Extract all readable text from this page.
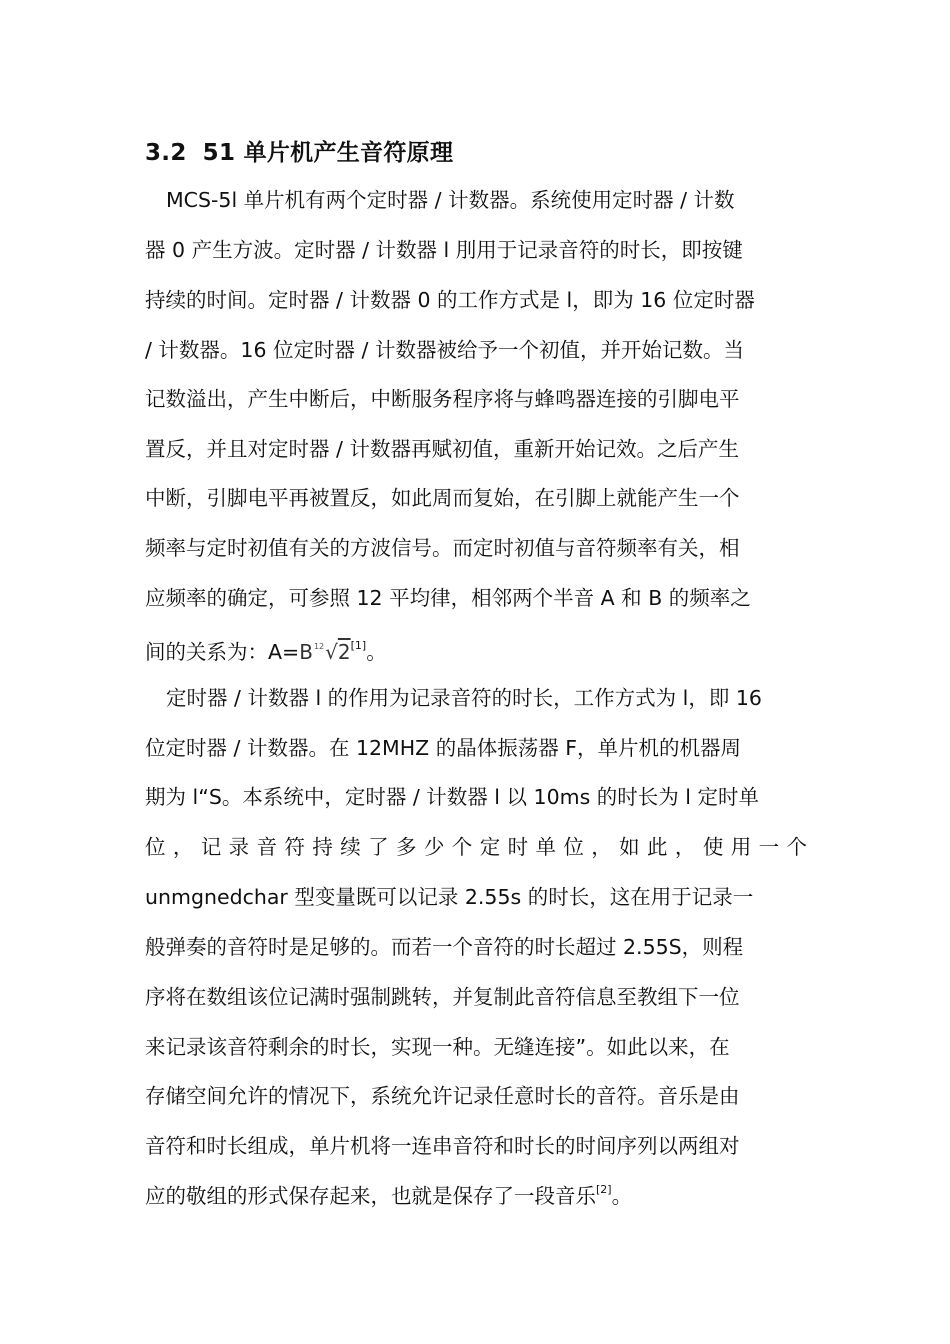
3.2 51 单片机产生音符原理

MCS-5l 单片机有两个定时器 / 计数器。系统使用定时器 / 计数

器 0 产生方波。定时器 / 计数器 l 刖用于记录音符的时长，即按键

持续的时间。定时器 / 计数器 0 的工作方式是 l，即为 16 位定时器

/ 计数器。16 位定时器 / 计数器被给予一个初值，并开始记数。当

记数溢出，产生中断后，中断服务程序将与蜂鸣器连接的引脚电平

置反，并且对定时器 / 计数器再赋初值，重新开始记效。之后产生

中断，引脚电平再被置反，如此周而复始，在引脚上就能产生一个

频率与定时初值有关的方波信号。而定时初值与音符频率有关，相

应频率的确定，可参照 12 平均律，相邻两个半音 A 和 B 的频率之

间的关系为：$A=B^{12}√2[1]$。

定时器 / 计数器 l 的作用为记录音符的时长，工作方式为 l，即 16

位定时器 / 计数器。在 12MHZ 的晶体振荡器 F，单片机的机器周

期为 l“S。本系统中，定时器 / 计数器 l 以 10ms 的时长为 l 定时单

位，记录音符持续了多少个定时单位，如此，使用一个

unmgnedchar 型变量既可以记录 2.55s 的时长，这在用于记录一

般弹奏的音符时是足够的。而若一个音符的时长超过 2.55S，则程

序将在数组该位记满时强制跳转，并复制此音符信息至教组下一位

来记录该音符剩余的时长，实现一种。无缝连接”。如此以来，在

存储空间允许的情况下，系统允许记录任意时长的音符。音乐是由

音符和时长组成，单片机将一连串音符和时长的时间序列以两组对

应的敬组的形式保存起来，也就是保存了一段音乐[2]。
